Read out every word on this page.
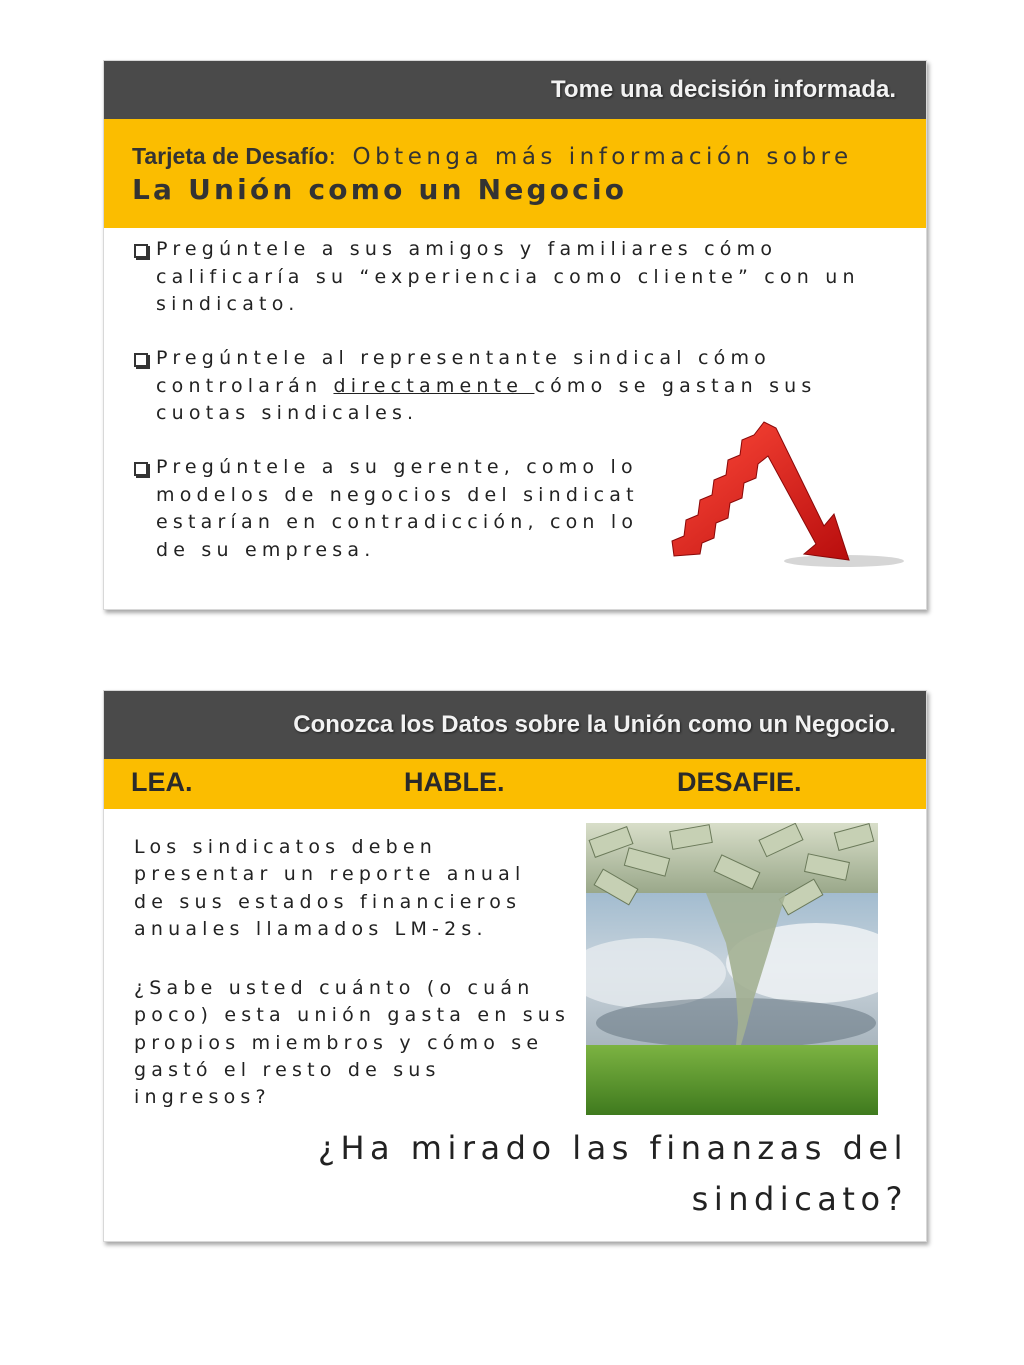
Tome una decisión informada.
Tarjeta de Desafío: Obtenga más información sobre
La Unión como un Negocio
Pregúntele a sus amigos y familiares cómo
calificaría su “experiencia como cliente” con un
sindicato.
Pregúntele al representante sindical cómo
controlarán directamente cómo se gastan sus
cuotas sindicales.
Pregúntele a su gerente, como lo
modelos de negocios del sindicat
estarían en contradicción, con lo
de su empresa.
Conozca los Datos sobre la Unión como un Negocio.
LEA.	HABLE.	DESAFIE.
Los sindicatos deben
presentar un reporte anual
de sus estados financieros
anuales llamados LM-2s.
¿Sabe usted cuánto (o cuán
poco) esta unión gasta en sus
propios miembros y cómo se
gastó el resto de sus
ingresos?
¿Ha mirado las finanzas del
sindicato?
